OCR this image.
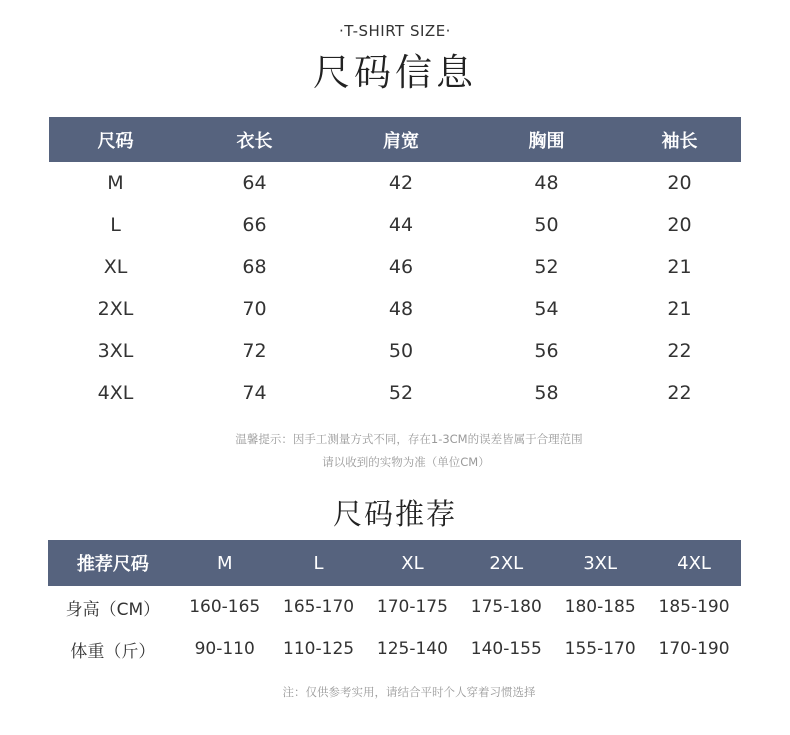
·T-SHIRT SIZE·
尺码信息
尺码	衣长	肩宽	胸围	袖长
M	64	42	48	20
L	66	44	50	20
XL	68	46	52	21
2XL	70	48	54	21
3XL	72	50	56	22
4XL	74	52	58	22
温馨提示：因手工测量方式不同，存在1-3CM的误差皆属于合理范围
请以收到的实物为准（单位CM）
尺码推荐
推荐尺码	M	L	XL	2XL	3XL	4XL
身高（CM）	160-165	165-170	170-175	175-180	180-185	185-190
体重（斤）	90-110	110-125	125-140	140-155	155-170	170-190
注：仅供参考实用，请结合平时个人穿着习惯选择
